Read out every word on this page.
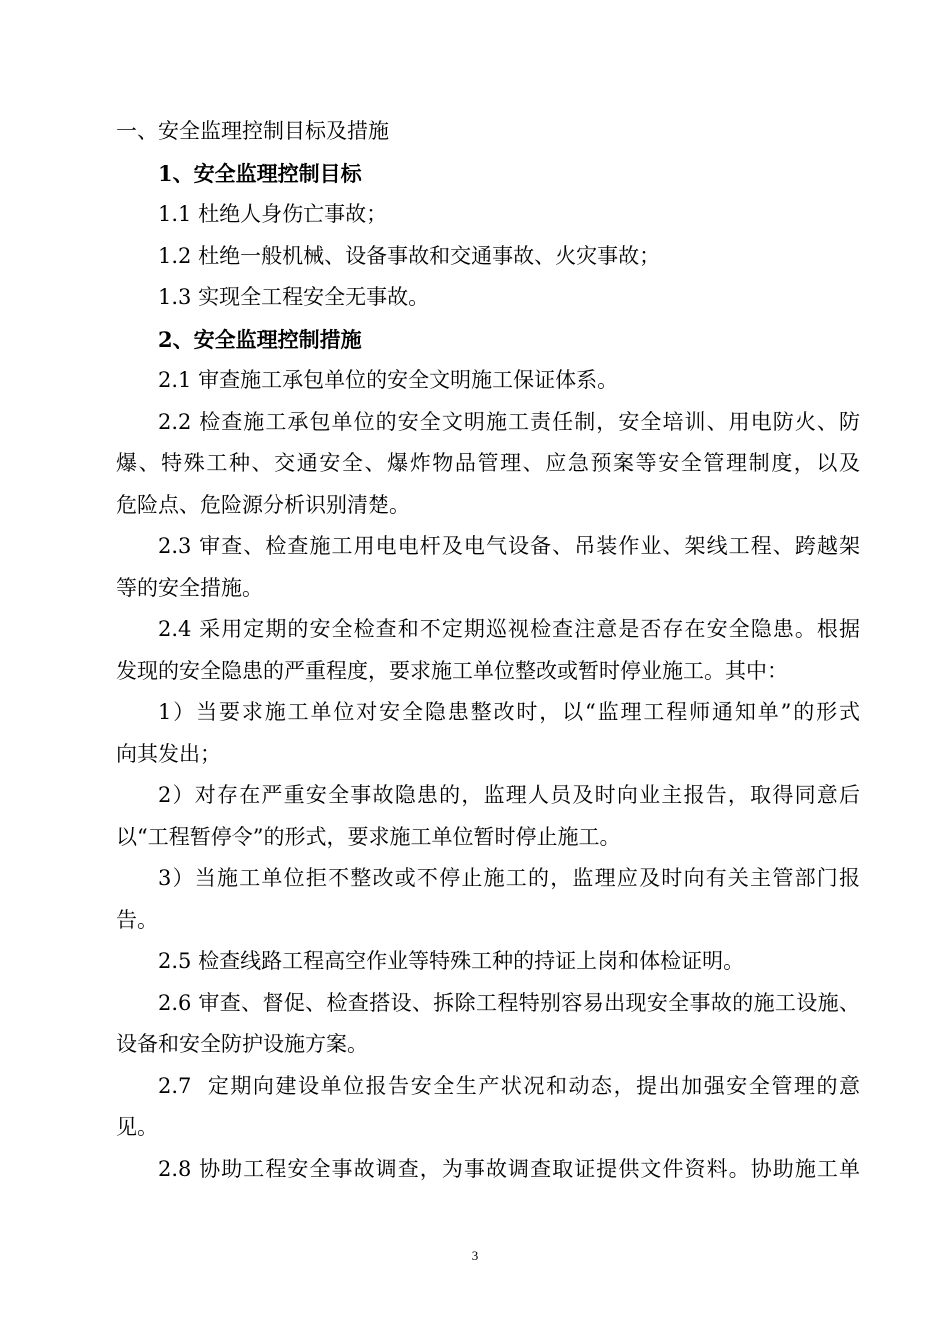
一、安全监理控制目标及措施
1、安全监理控制目标
1.1 杜绝人身伤亡事故；
1.2 杜绝一般机械、设备事故和交通事故、火灾事故；
1.3 实现全工程安全无事故。
2、安全监理控制措施
2.1 审查施工承包单位的安全文明施工保证体系。
2.2 检查施工承包单位的安全文明施工责任制，安全培训、用电防火、防
爆、特殊工种、交通安全、爆炸物品管理、应急预案等安全管理制度，以及
危险点、危险源分析识别清楚。
2.3 审查、检查施工用电电杆及电气设备、吊装作业、架线工程、跨越架
等的安全措施。
2.4 采用定期的安全检查和不定期巡视检查注意是否存在安全隐患。根据
发现的安全隐患的严重程度，要求施工单位整改或暂时停业施工。其中：
1）当要求施工单位对安全隐患整改时，以“监理工程师通知单”的形式
向其发出；
2）对存在严重安全事故隐患的，监理人员及时向业主报告，取得同意后
以“工程暂停令”的形式，要求施工单位暂时停止施工。
3）当施工单位拒不整改或不停止施工的，监理应及时向有关主管部门报
告。
2.5 检查线路工程高空作业等特殊工种的持证上岗和体检证明。
2.6 审查、督促、检查搭设、拆除工程特别容易出现安全事故的施工设施、
设备和安全防护设施方案。
2.7  定期向建设单位报告安全生产状况和动态，提出加强安全管理的意
见。
2.8 协助工程安全事故调查，为事故调查取证提供文件资料。协助施工单
3
